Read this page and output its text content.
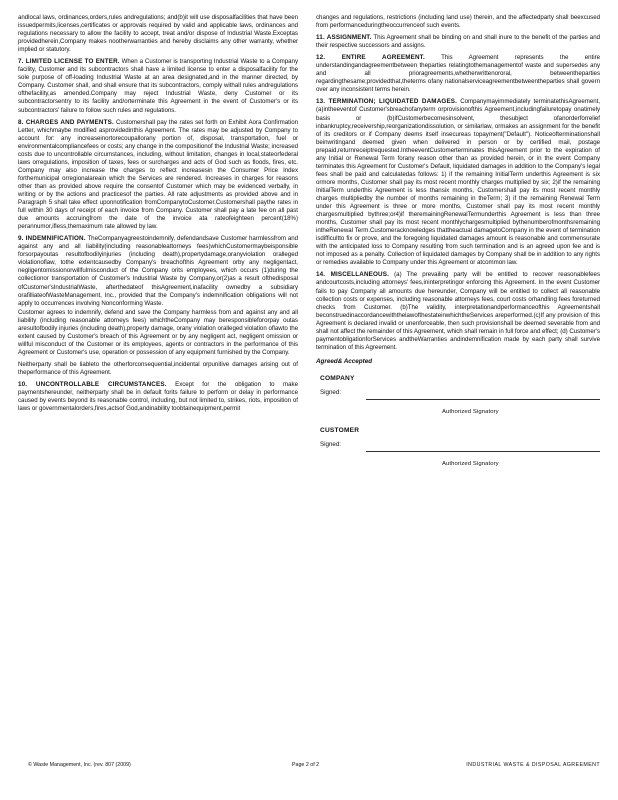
andlocal laws, ordinances,orders,rules andregulations; and(b)it will use disposalfacilities that have been issuedpermits,licenses,certificates or approvals required by valid and applicable laws, ordinances and regulations necessary to allow the facility to accept, treat and/or dispose of Industrial Waste.Exceptas providedherein,Company makes nootherwarranties and hereby disclaims any other warranty, whether implied or statutory.

7. LIMITED LICENSE TO ENTER. When a Customer is transporting Industrial Waste to a Company facility, Customer and its subcontractors shall have a limited license to enter a disposalfacility for the sole purpose of off-loading Industrial Waste at an area designated,and in the manner directed, by Company. Customer shall, and shall ensure that its subcontractors, comply withall rules andregulations ofthefacility,as amended.Company may reject Industrial Waste, deny Customer or its subcontractorsentry to its facility and/orterminate this Agreement in the event of Customer's or its subcontractors' failure to follow such rules and regulations.

8. CHARGES AND PAYMENTS. Customershall pay the rates set forth on Exhibit Aora Confirmation Letter, whichmaybe modified asprovidedinthis Agreement. The rates may be adjusted by Company to account for: any increaseinortorecoupallorany portion of, disposal, transportation, fuel or environmentalcompliancefees or costs; any change in the compositionof the Industrial Waste; increased costs due to uncontrollable circumstances, including, without limitation, changes in local,stateorfederal laws orregulations, imposition of taxes, fees or surcharges and acts of God such as floods, fires, etc. Company may also increase the charges to reflect increasesin the Consumer Price Index forthemunicipal orregionalareain which the Services are rendered. Increases in charges for reasons other than as provided above require the consentof Customer which may be evidenced verbally, in writing or by the actions and practicesof the parties. All rate adjustments as provided above and in Paragraph 5 shall take effect uponnotification fromCompanytoCustomer.Customershall paythe rates in full within 30 days of receipt of each invoice from Company. Customer shall pay a late fee on all past due amounts accruingfrom the date of the invoice ata rateofeighteen percent(18%) perannumor,ifless,themaximum rate allowed by law.

9. INDEMNIFICATION. TheCompanyagreestoindemnify, defendandsave Customer harmlessfrom and against any and all liability(including reasonableattorneys fees)whichCustomermaybeisponsible forsorpayoutas resultofbodilyinjuries (including death),propertydamage,oranyviolation oralleged violationoflaw, tothe extentcausedby Company's breachofthis Agreement orby any negligentact, negligentomissionorwillfulmisconduct of the Company orits employees, which occurs (1)during the collectionor transportation of Customer's Industrial Waste by Company,or(2)as a result ofthedisposal ofCustomer'sIndustrialWaste, afterthedateof thisAgreement,inafacility ownedby a subsidiary orafilliateofWasteManagement, Inc., provided that the Company's indemnification obligations will not apply to occurrences involving Nonconforming Waste.

Customer agrees to indemnify, defend and save the Company harmless from and against any and all liability (including reasonable attorneys fees) whichtheCompany may beresponsiblefororpay outas aresultofbodily injuries (including death),property damage, orany violation oralleged violation oflawto the extent caused by Customer's breach of this Agreement or by any negligent act, negligent omission or willful misconduct of the Customer or its employees, agents or contractors in the performance of this Agreement or Customer's use, operation or possession of any equipment furnished by the Company.

Neitherparty shall be liableto the otherforconsequential,incidental orpunitive damages arising out of theperformance of this Agreement.

10. UNCONTROLLABLE CIRCUMSTANCES. Except for the obligation to make paymentshereunder, neitherparty shall be in default forits failure to perform or delay in performance caused by events beyond its reasonable control, including, but not limited to, strikes, riots, imposition of laws or governmentalorders,fires,actsof God,andinability toobtainequipment,permit

changes and regulations, restrictions (including land use) therein, and the affectedparty shall beexcused from performanceduringtheoccurrenceof such events.

11. ASSIGNMENT. This Agreement shall be binding on and shall inure to the benefit of the parties and their respective successors and assigns.

12. ENTIRE AGREEMENT.	This Agreement represents the entire understandingandagreementbetween theparties relatingtothemanagementof waste and supersedes any and all prioragreements,whetherwrittenororal, betweentheparties regardingthesame;providedthat,theterms ofany nationalserviceagreementbetweentheparties shall govern over any inconsistent terms herein.

13. TERMINATION; LIQUIDATED DAMAGES. Companymayimmediately terminatethisAgreement,(a)intheeventof Customer'sbreachofanyterm orprovisionofthis Agreement,includingfailuretopay onatimely basis or (b)ifCustomerbecomesinsolvent, thesubject ofanorderforrelief inbankruptcy,receivership,reorganizationdissolution, or similarlaw, ormakes an assignment for the benefit of its creditors or if Company deems itself insecureas topayment("Default"). Noticeofterminationshall beinwritingand deemed given when delivered in person or by certified mail, postage prepaid,returnreceiptrequested.IntheeventCustomerterminates thisAgreement prior to the expiration of any Initial or Renewal Term forany reason other than as provided herein, or in the event Company terminates this Agreement for Customer's Default, liquidated damages in addition to the Company's legal fees shall be paid and calculatedas follows: 1) if the remaining InitialTerm underthis Agreement is six ormore months, Customer shall pay its most recent monthly charges multiplied by six; 2)if the remaining InitialTerm underthis Agreement is less thansix months, Customershall pay its most recent monthly charges multipliedby the number of months remaining in theTerm; 3) if the remaining Renewal Term under this Agreement is three or more months, Customer shall pay its most recent monthly chargesmultiplied bythree;or4)if theremainingRenewalTermunderthis Agreement is less than three months, Customer shall pay its most recent monthlychargesmultiplied bythenumberofmonthsremaining intheRenewal Term.Customeracknowledges thattheactual damagetoCompany in the event of termination isdifficultto fix or prove, and the foregoing liquidated damages amount is reasonable and commensurate with the anticipated loss to Company resulting from such termination and is an agreed upon fee and is not imposed as a penalty. Collection of liquidated damages by Company shall be in addition to any rights or remedies available to Company under this Agreement or atcommon law.

14. MISCELLANEOUS. (a) The prevailing party will be entitled to recover reasonablefees andcourtcosts,including attorneys' fees,ininterpretingor enforcing this Agreement. In the event Customer fails to pay Company all amounts due hereunder, Company will be entitled to collect all reasonable collection costs or expenses, including reasonable attorneys fees, court costs orhandling fees foreturned checks from Customer. (b)The validity, interpretationandperformanceofthis Agreementshall beconstruedinaccordancewiththelawofthestateinwhichtheServices areperformed.(c)If any provision of this Agreement is declared invalid or unenforceable, then such provisionshall be deemed severable from and shall not affect the remainder of this Agreement, which shall remain in full force and effect; (d) Customer's paymentobligationforServices andtheWarranties andindemnification made by each party shall survive termination of this Agreement.

Agreed& Accepted
COMPANY
Signed:
Authorized Signatory
CUSTOMER
Signed:
Authorized Signatory
© Waste Management, Inc. (rev. 807 (2009)	Page 2 of 2	INDUSTRIAL WASTE & DISPOSAL AGREEMENT
